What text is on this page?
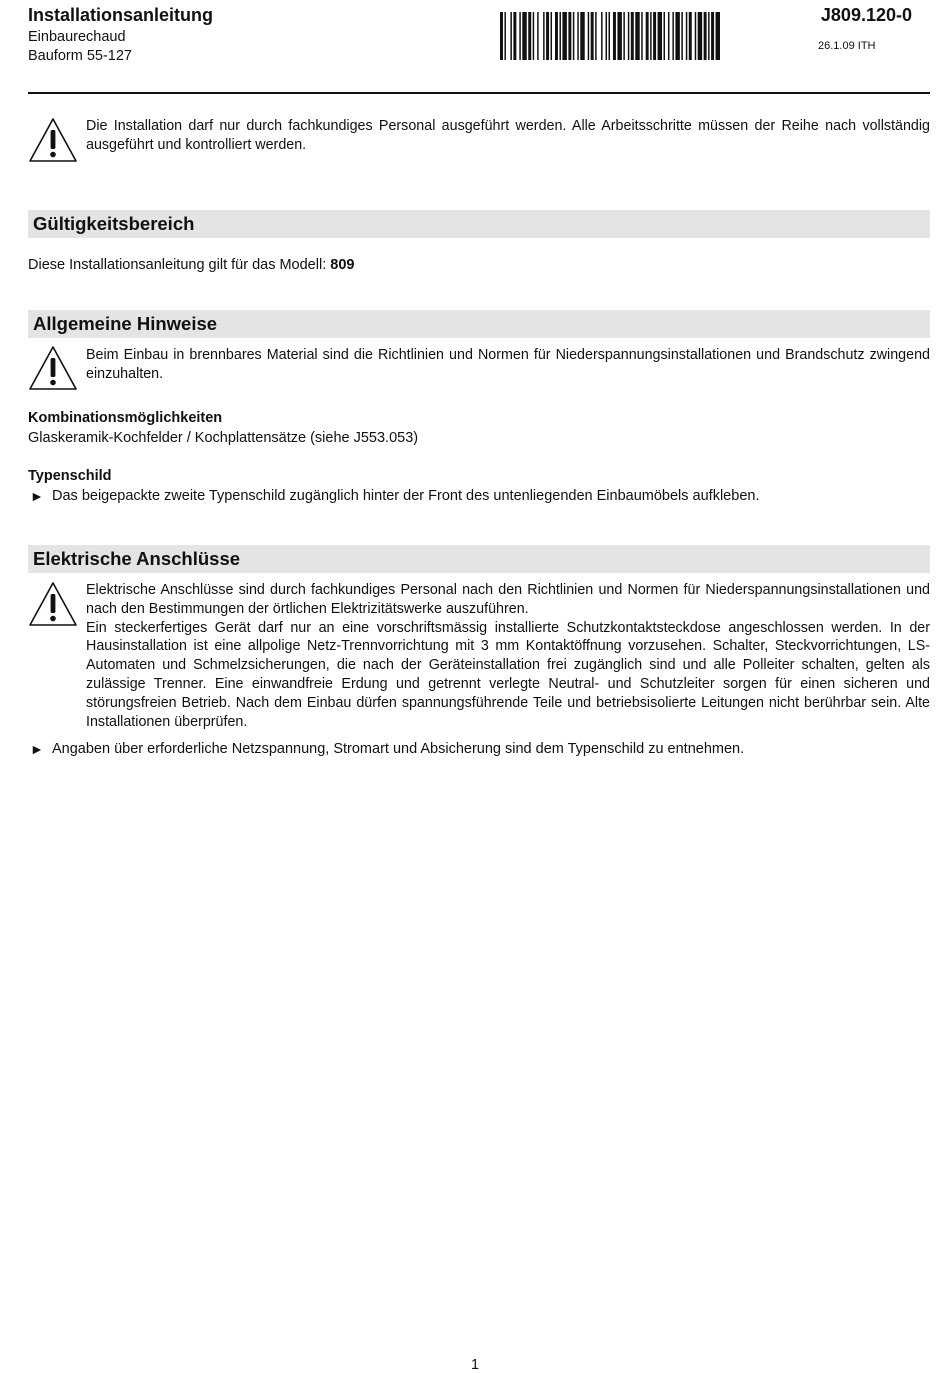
Installationsanleitung
Einbaurechaud
Bauform 55-127
J809.120-0
26.1.09 ITH
Die Installation darf nur durch fachkundiges Personal ausgeführt werden. Alle Arbeitsschritte müssen der Reihe nach vollständig ausgeführt und kontrolliert werden.
Gültigkeitsbereich
Diese Installationsanleitung gilt für das Modell: 809
Allgemeine Hinweise
Beim Einbau in brennbares Material sind die Richtlinien und Normen für Niederspannungsinstallationen und Brandschutz zwingend einzuhalten.
Kombinationsmöglichkeiten
Glaskeramik-Kochfelder / Kochplattensätze (siehe J553.053)
Typenschild
► Das beigepackte zweite Typenschild zugänglich hinter der Front des untenliegenden Einbaumöbels aufkleben.
Elektrische Anschlüsse
Elektrische Anschlüsse sind durch fachkundiges Personal nach den Richtlinien und Normen für Niederspannungsinstallationen und nach den Bestimmungen der örtlichen Elektrizitätswerke auszuführen.
Ein steckerfertiges Gerät darf nur an eine vorschriftsmässig installierte Schutzkontaktsteckdose angeschlossen werden. In der Hausinstallation ist eine allpolige Netz-Trennvorrichtung mit 3 mm Kontaktöffnung vorzusehen. Schalter, Steckvorrichtungen, LS-Automaten und Schmelzsicherungen, die nach der Geräteinstallation frei zugänglich sind und alle Polleiter schalten, gelten als zulässige Trenner. Eine einwandfreie Erdung und getrennt verlegte Neutral- und Schutzleiter sorgen für einen sicheren und störungsfreien Betrieb. Nach dem Einbau dürfen spannungsführende Teile und betriebsisolierte Leitungen nicht berührbar sein. Alte Installationen überprüfen.
► Angaben über erforderliche Netzspannung, Stromart und Absicherung sind dem Typenschild zu entnehmen.
1
